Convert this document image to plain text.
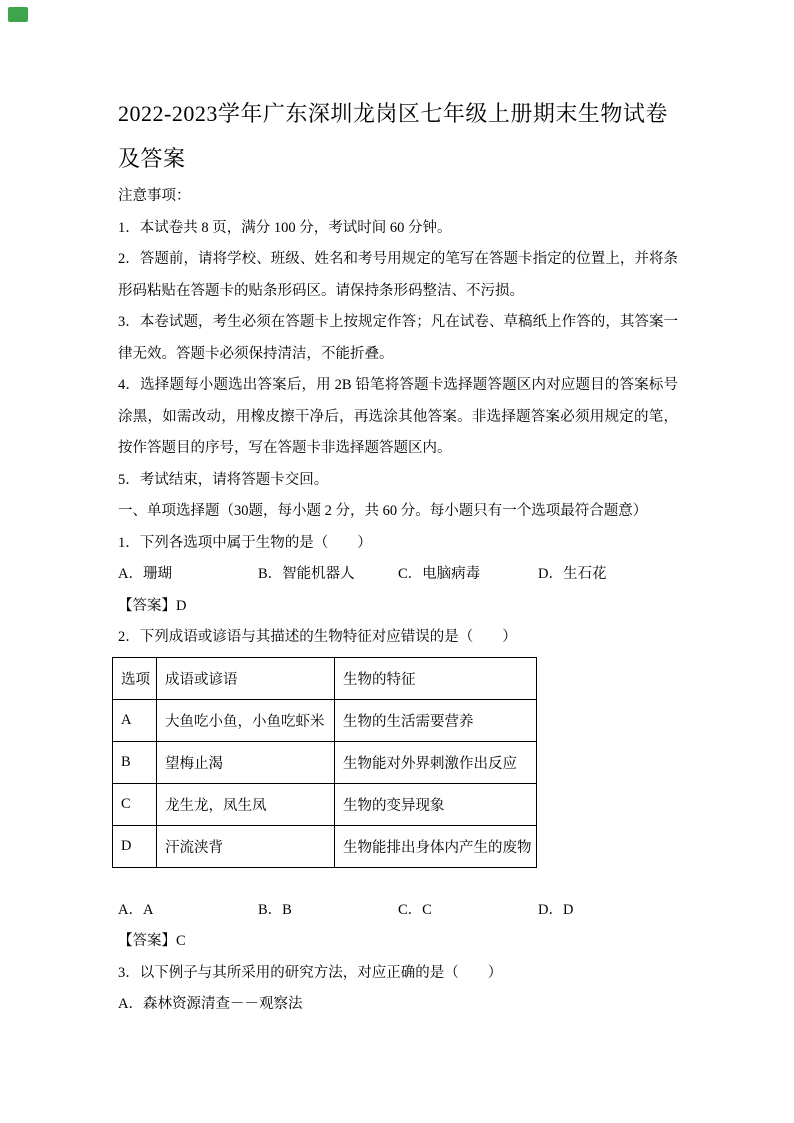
2022-2023学年广东深圳龙岗区七年级上册期末生物试卷及答案

注意事项：

1．本试卷共 8 页，满分 100 分，考试时间 60 分钟。

2．答题前，请将学校、班级、姓名和考号用规定的笔写在答题卡指定的位置上，并将条形码粘贴在答题卡的贴条形码区。请保持条形码整洁、不污损。

3．本卷试题，考生必须在答题卡上按规定作答；凡在试卷、草稿纸上作答的，其答案一律无效。答题卡必须保持清洁，不能折叠。

4．选择题每小题选出答案后，用 2B 铅笔将答题卡选择题答题区内对应题目的答案标号涂黑，如需改动，用橡皮擦干净后，再选涂其他答案。非选择题答案必须用规定的笔，按作答题目的序号，写在答题卡非选择题答题区内。

5．考试结束，请将答题卡交回。

一、单项选择题（30题，每小题 2 分，共 60 分。每小题只有一个选项最符合题意）

1．下列各选项中属于生物的是（　　）

A．珊瑚	B．智能机器人	C．电脑病毒	D．生石花

【答案】D

2．下列成语或谚语与其描述的生物特征对应错误的是（　　）

选项	成语或谚语	生物的特征
A	大鱼吃小鱼，小鱼吃虾米	生物的生活需要营养
B	望梅止渴	生物能对外界刺激作出反应
C	龙生龙，凤生凤	生物的变异现象
D	汗流浃背	生物能排出身体内产生的废物
A．A	B．B	C．C	D．D

【答案】C

3．以下例子与其所采用的研究方法，对应正确的是（　　）

A．森林资源清查－－观察法
